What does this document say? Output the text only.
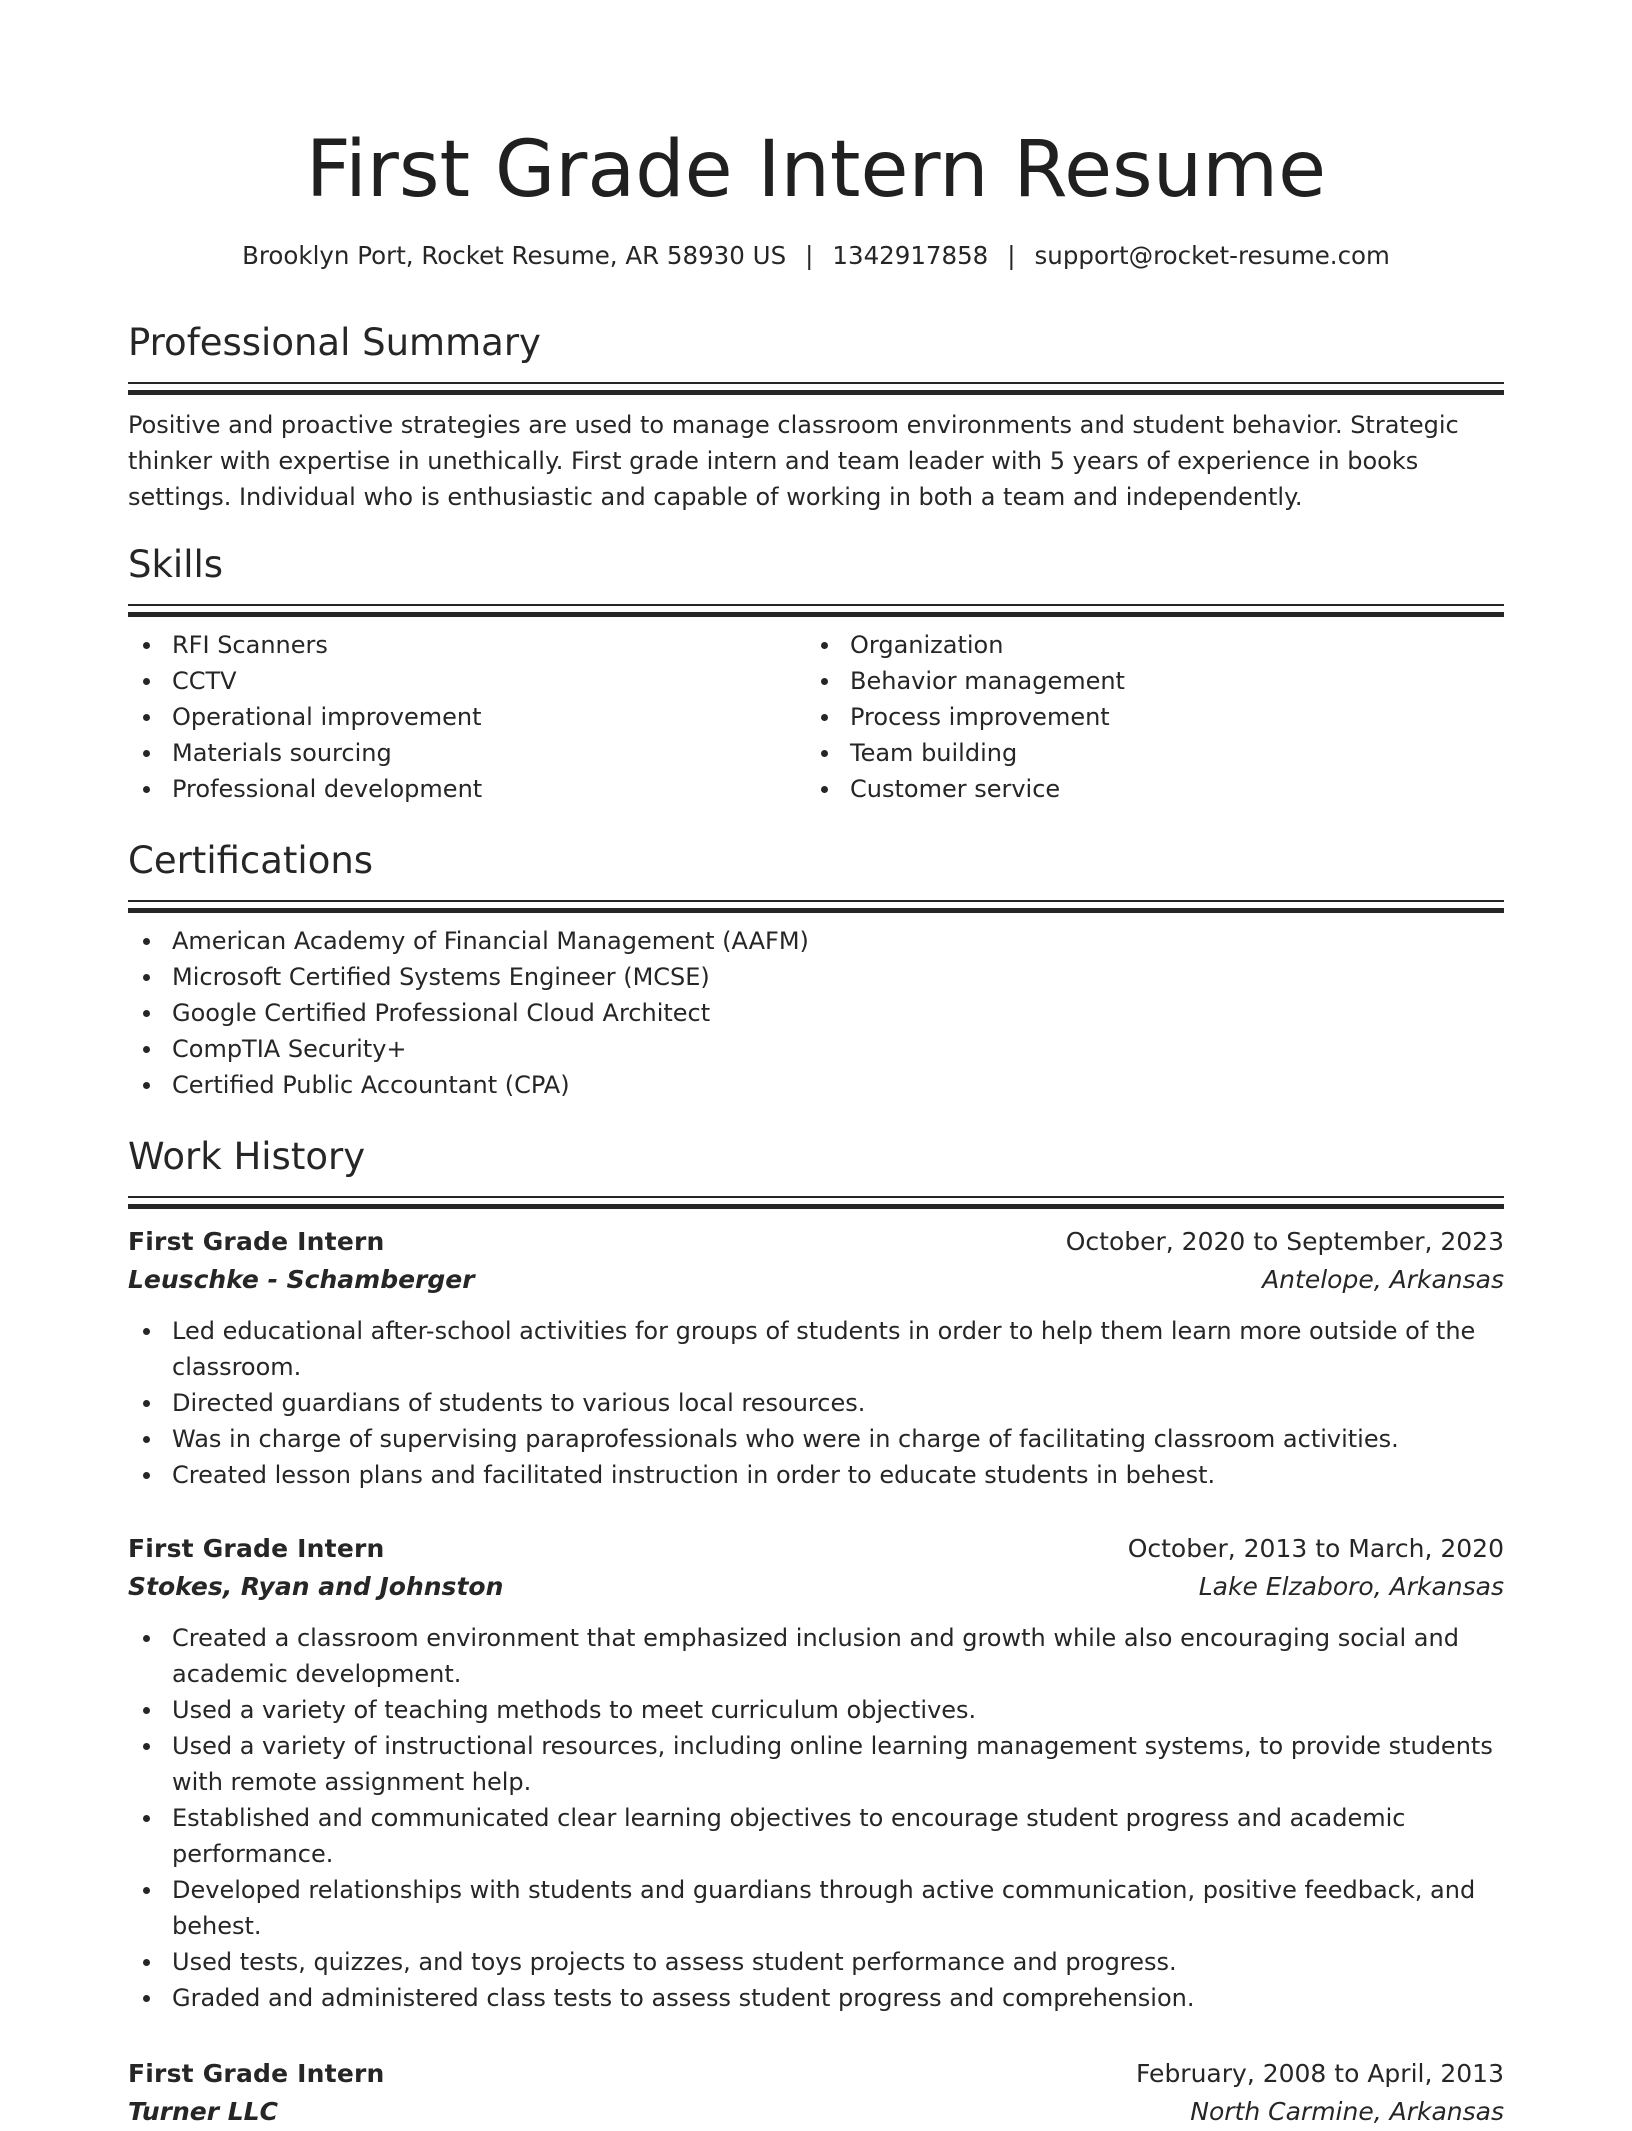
First Grade Intern Resume
Brooklyn Port, Rocket Resume, AR 58930 US | 1342917858 | support@rocket-resume.com
Professional Summary

Positive and proactive strategies are used to manage classroom environments and student behavior. Strategic thinker with expertise in unethically. First grade intern and team leader with 5 years of experience in books settings. Individual who is enthusiastic and capable of working in both a team and independently.

Skills
RFI Scanners
CCTV
Operational improvement
Materials sourcing
Professional development
Organization
Behavior management
Process improvement
Team building
Customer service
Certifications
American Academy of Financial Management (AAFM)
Microsoft Certified Systems Engineer (MCSE)
Google Certified Professional Cloud Architect
CompTIA Security+
Certified Public Accountant (CPA)
Work History
First Grade Intern	October, 2020 to September, 2023
Leuschke - Schamberger	Antelope, Arkansas
Led educational after-school activities for groups of students in order to help them learn more outside of the classroom.
Directed guardians of students to various local resources.
Was in charge of supervising paraprofessionals who were in charge of facilitating classroom activities.
Created lesson plans and facilitated instruction in order to educate students in behest.
First Grade Intern	October, 2013 to March, 2020
Stokes, Ryan and Johnston	Lake Elzaboro, Arkansas
Created a classroom environment that emphasized inclusion and growth while also encouraging social and academic development.
Used a variety of teaching methods to meet curriculum objectives.
Used a variety of instructional resources, including online learning management systems, to provide students with remote assignment help.
Established and communicated clear learning objectives to encourage student progress and academic performance.
Developed relationships with students and guardians through active communication, positive feedback, and behest.
Used tests, quizzes, and toys projects to assess student performance and progress.
Graded and administered class tests to assess student progress and comprehension.
First Grade Intern	February, 2008 to April, 2013
Turner LLC	North Carmine, Arkansas
